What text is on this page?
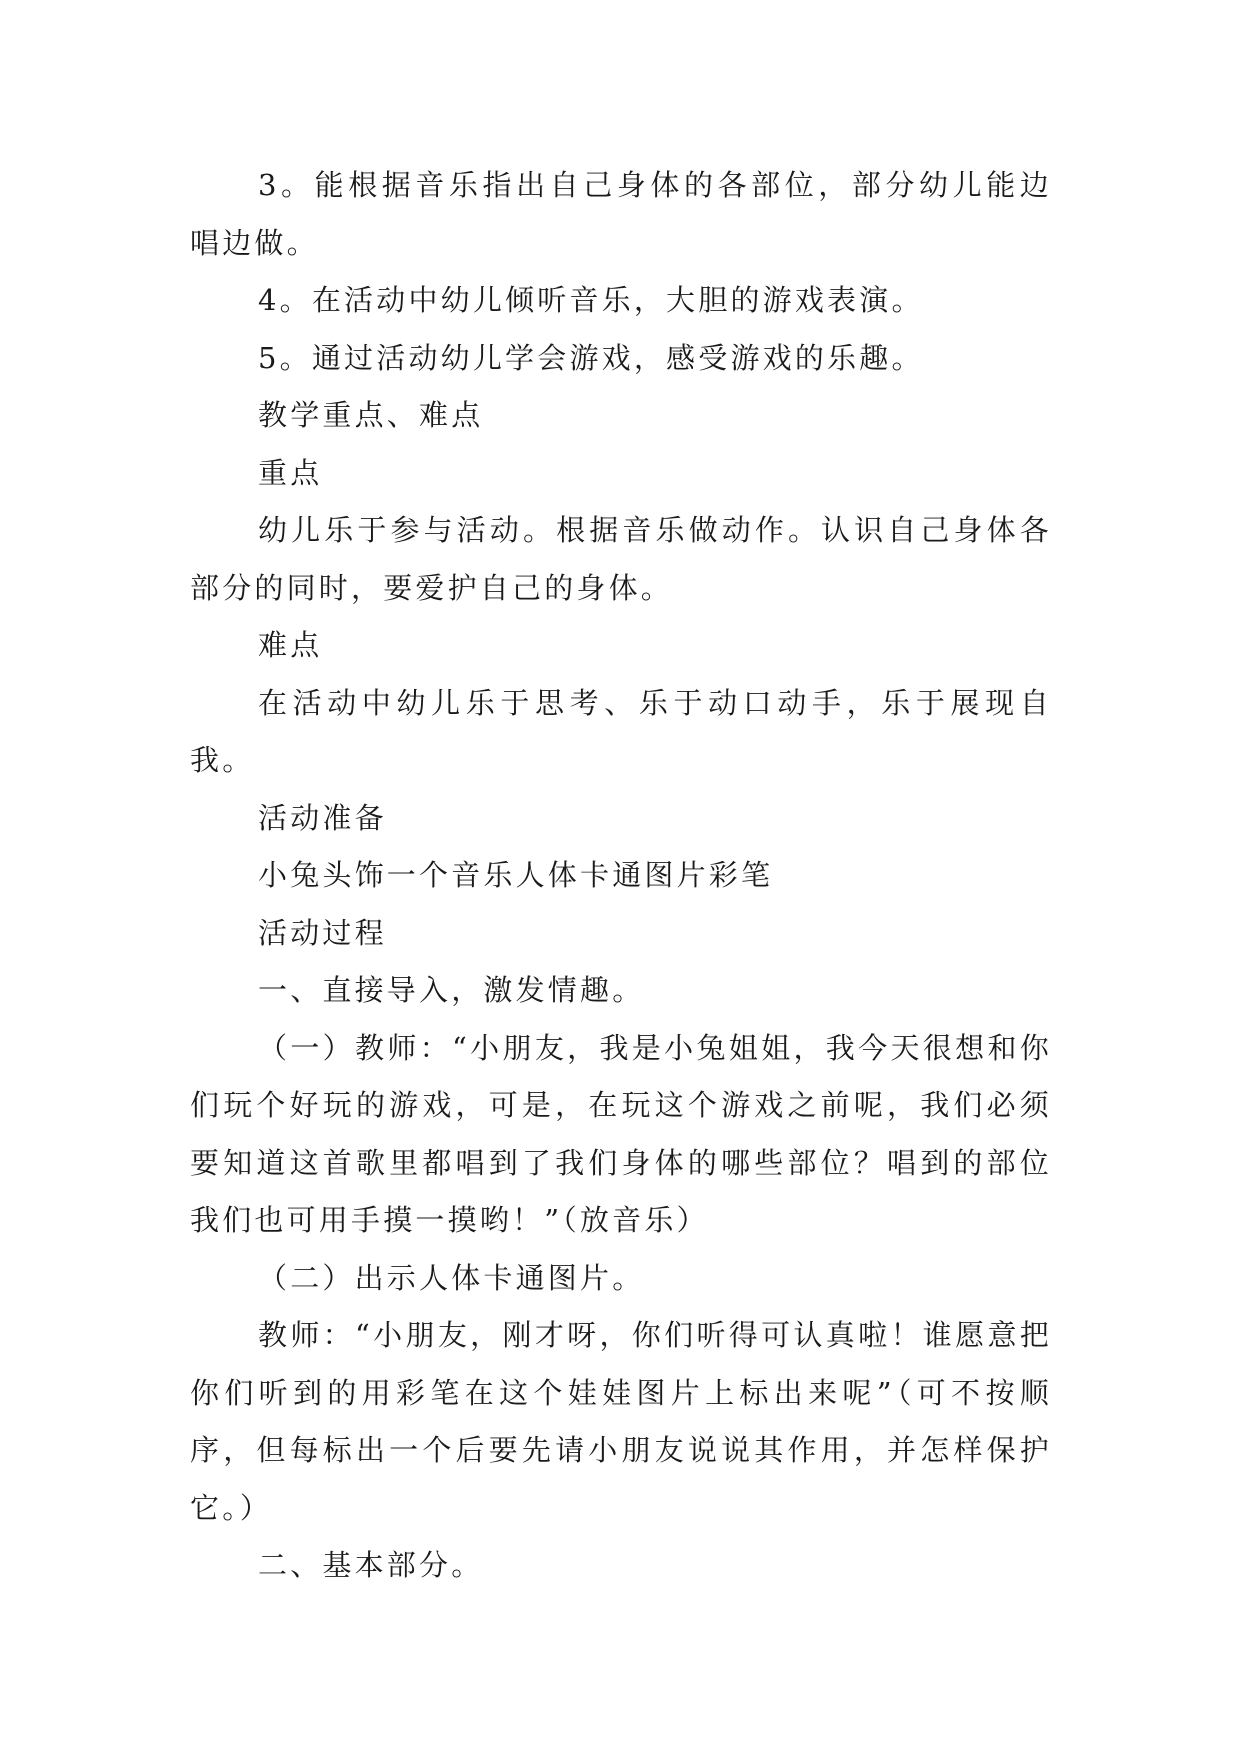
3。能根据音乐指出自己身体的各部位，部分幼儿能边唱边做。

4。在活动中幼儿倾听音乐，大胆的游戏表演。

5。通过活动幼儿学会游戏，感受游戏的乐趣。

教学重点、难点

重点

幼儿乐于参与活动。根据音乐做动作。认识自己身体各部分的同时，要爱护自己的身体。

难点

在活动中幼儿乐于思考、乐于动口动手，乐于展现自我。

活动准备

小兔头饰一个音乐人体卡通图片彩笔

活动过程

一、直接导入，激发情趣。

（一）教师：“小朋友，我是小兔姐姐，我今天很想和你们玩个好玩的游戏，可是，在玩这个游戏之前呢，我们必须要知道这首歌里都唱到了我们身体的哪些部位？唱到的部位我们也可用手摸一摸哟！”（放音乐）

（二）出示人体卡通图片。

教师：“小朋友，刚才呀，你们听得可认真啦！谁愿意把你们听到的用彩笔在这个娃娃图片上标出来呢”（可不按顺序，但每标出一个后要先请小朋友说说其作用，并怎样保护它。）

二、基本部分。
